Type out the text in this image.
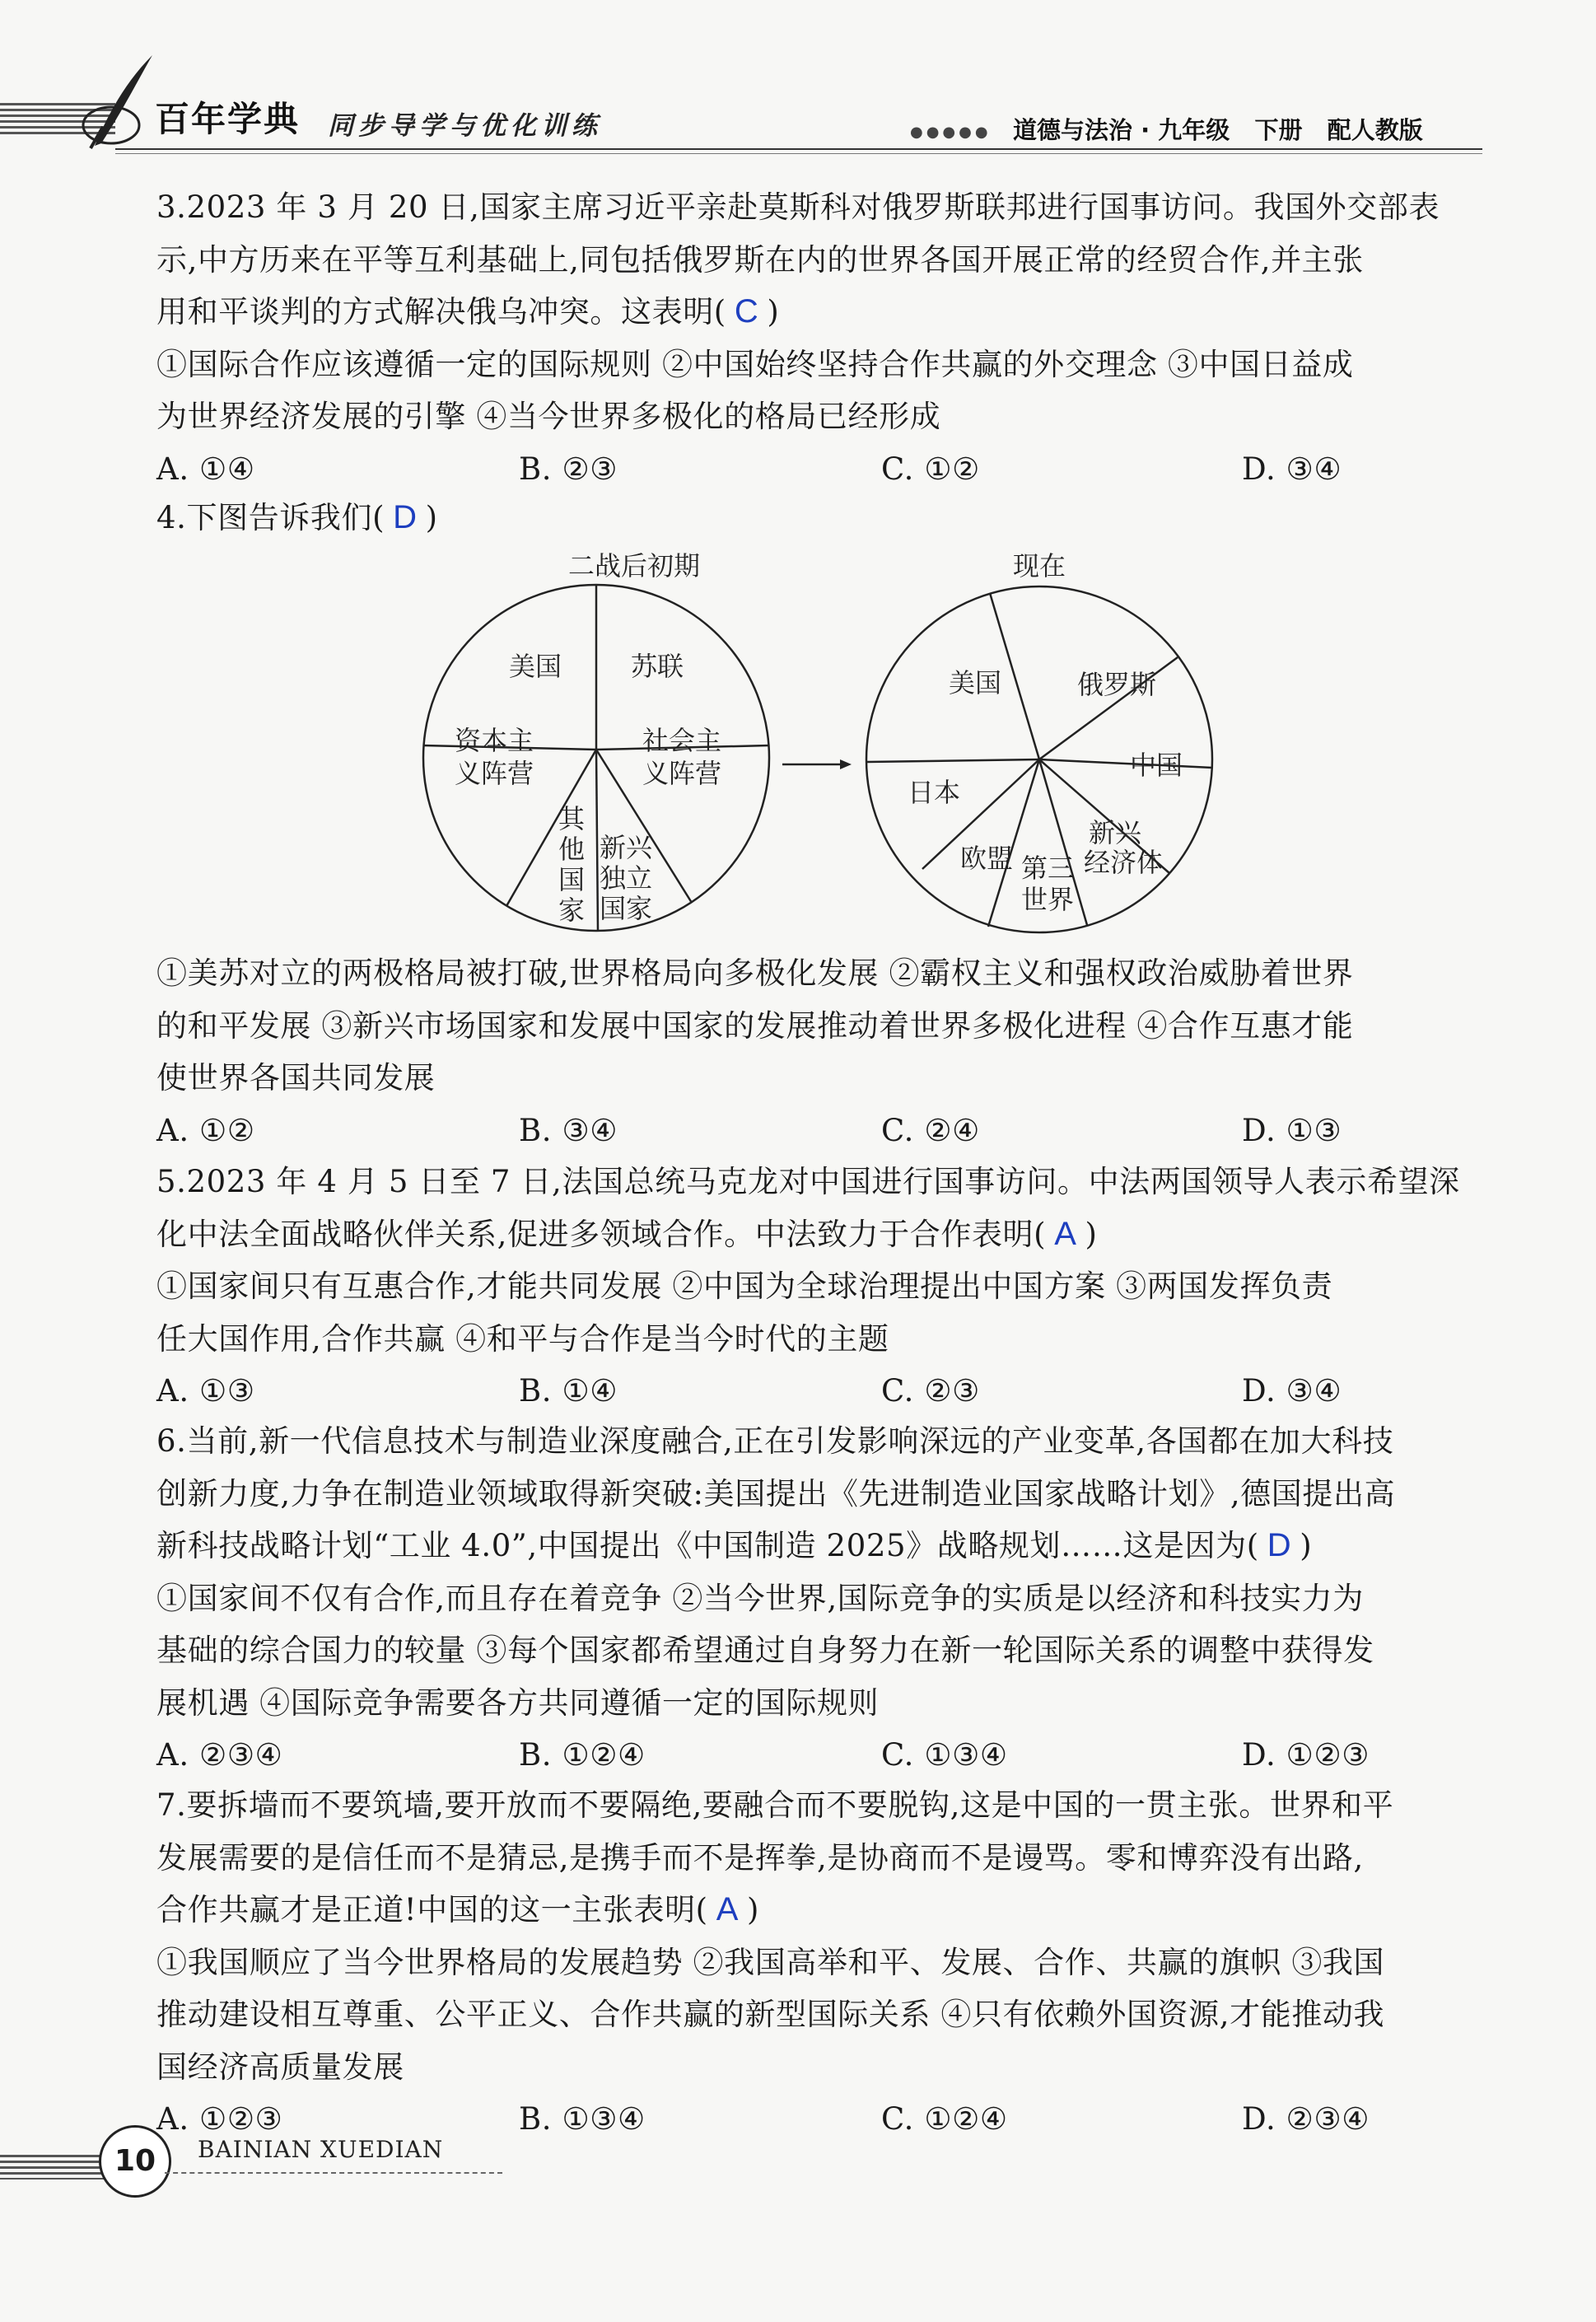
百年学典 同步导学与优化训练	●●●●● 道德与法治 · 九年级   下册   配人教版

3.2023 年 3 月 20 日,国家主席习近平亲赴莫斯科对俄罗斯联邦进行国事访问。我国外交部表

示,中方历来在平等互利基础上,同包括俄罗斯在内的世界各国开展正常的经贸合作,并主张

用和平谈判的方式解决俄乌冲突。这表明( C )

①国际合作应该遵循一定的国际规则 ②中国始终坚持合作共赢的外交理念 ③中国日益成

为世界经济发展的引擎 ④当今世界多极化的格局已经形成

A. ①④	B. ②③	C. ①②	D. ③④

4.下图告诉我们( D )

二战后初期	现在
美国	苏联
资本主
义阵营
社会主
义阵营
其
他
国
家
新兴
独立
国家
美国	俄罗斯
中国
日本
新兴
经济体
欧盟 第三
世界

①美苏对立的两极格局被打破,世界格局向多极化发展 ②霸权主义和强权政治威胁着世界

的和平发展 ③新兴市场国家和发展中国家的发展推动着世界多极化进程 ④合作互惠才能

使世界各国共同发展

A. ①②	B. ③④	C. ②④	D. ①③

5.2023 年 4 月 5 日至 7 日,法国总统马克龙对中国进行国事访问。中法两国领导人表示希望深

化中法全面战略伙伴关系,促进多领域合作。中法致力于合作表明( A )

①国家间只有互惠合作,才能共同发展 ②中国为全球治理提出中国方案 ③两国发挥负责

任大国作用,合作共赢 ④和平与合作是当今时代的主题

A. ①③	B. ①④	C. ②③	D. ③④

6.当前,新一代信息技术与制造业深度融合,正在引发影响深远的产业变革,各国都在加大科技

创新力度,力争在制造业领域取得新突破:美国提出《先进制造业国家战略计划》,德国提出高

新科技战略计划“工业 4.0”,中国提出《中国制造 2025》战略规划……这是因为( D )

①国家间不仅有合作,而且存在着竞争 ②当今世界,国际竞争的实质是以经济和科技实力为

基础的综合国力的较量 ③每个国家都希望通过自身努力在新一轮国际关系的调整中获得发

展机遇 ④国际竞争需要各方共同遵循一定的国际规则

A. ②③④	B. ①②④	C. ①③④	D. ①②③

7.要拆墙而不要筑墙,要开放而不要隔绝,要融合而不要脱钩,这是中国的一贯主张。世界和平

发展需要的是信任而不是猜忌,是携手而不是挥拳,是协商而不是谩骂。零和博弈没有出路,

合作共赢才是正道!中国的这一主张表明( A )

①我国顺应了当今世界格局的发展趋势 ②我国高举和平、发展、合作、共赢的旗帜 ③我国

推动建设相互尊重、公平正义、合作共赢的新型国际关系 ④只有依赖外国资源,才能推动我

国经济高质量发展

A. ①②③	B. ①③④	C. ①②④	D. ②③④
10	BAINIAN XUEDIAN
